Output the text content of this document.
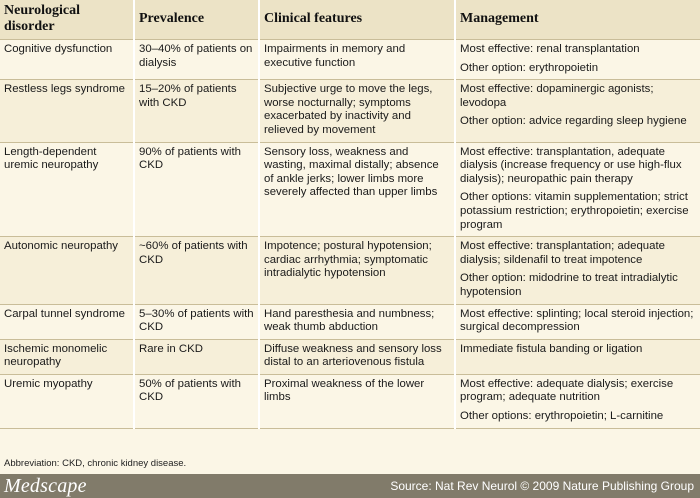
Neurological disorder	Prevalence	Clinical features	Management
Cognitive dysfunction	30–40% of patients on dialysis	Impairments in memory and executive function	Most effective: renal transplantation
Other option: erythropoietin

Restless legs syndrome	15–20% of patients with CKD	Subjective urge to move the legs, worse nocturnally; symptoms exacerbated by inactivity and relieved by movement	Most effective: dopaminergic agonists; levodopa
Other option: advice regarding sleep hygiene

Length-dependent uremic neuropathy	90% of patients with CKD	Sensory loss, weakness and wasting, maximal distally; absence of ankle jerks; lower limbs more severely affected than upper limbs	Most effective: transplantation, adequate dialysis (increase frequency or use high-flux dialysis); neuropathic pain therapy
Other options: vitamin supplementation; strict potassium restriction; erythropoietin; exercise program

Autonomic neuropathy	~60% of patients with CKD	Impotence; postural hypotension; cardiac arrhythmia; symptomatic intradialytic hypotension	Most effective: transplantation; adequate dialysis; sildenafil to treat impotence
Other option: midodrine to treat intradialytic hypotension

Carpal tunnel syndrome	5–30% of patients with CKD	Hand paresthesia and numbness; weak thumb abduction	Most effective: splinting; local steroid injection; surgical decompression

Ischemic monomelic neuropathy	Rare in CKD	Diffuse weakness and sensory loss distal to an arteriovenous fistula	Immediate fistula banding or ligation

Uremic myopathy	50% of patients with CKD	Proximal weakness of the lower limbs	Most effective: adequate dialysis; exercise program; adequate nutrition
Other options: erythropoietin; L-carnitine
Abbreviation: CKD, chronic kidney disease.
Medscape	Source: Nat Rev Neurol © 2009 Nature Publishing Group
